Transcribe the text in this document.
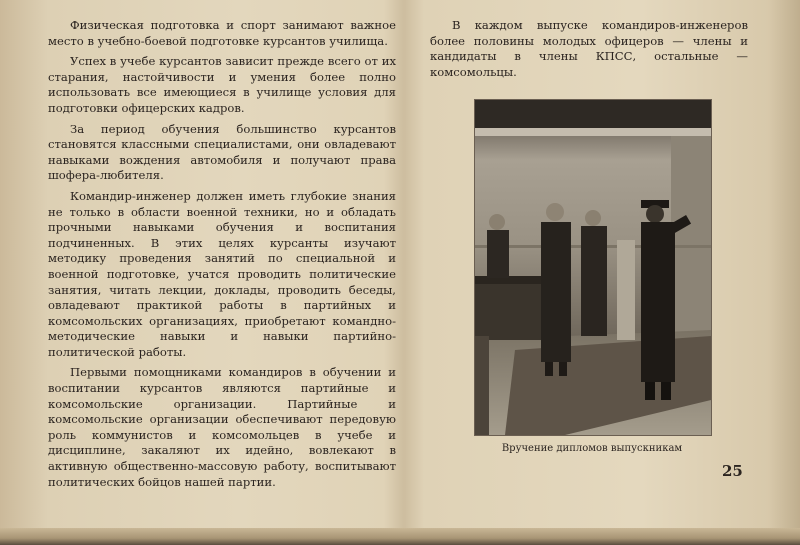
Физическая подготовка и спорт занимают важное место в учебно-боевой подготовке курсантов училища.

Успех в учебе курсантов зависит прежде всего от их старания, настойчивости и умения более полно использовать все имеющиеся в училище условия для подготовки офицерских кадров.

За период обучения большинство курсантов становятся классными специалистами, они овладевают навыками вождения автомобиля и получают права шофера-любителя.

Командир-инженер должен иметь глубокие знания не только в области военной техники, но и обладать прочными навыками обучения и воспитания подчиненных. В этих целях курсанты изучают методику проведения занятий по специальной и военной подготовке, учатся проводить политические занятия, читать лекции, доклады, проводить беседы, овладевают практикой работы в партийных и комсомольских организациях, приобретают командно-методические навыки и навыки партийно-политической работы.

Первыми помощниками командиров в обучении и воспитании курсантов являются партийные и комсомольские организации. Партийные и комсомольские организации обеспечивают передовую роль коммунистов и комсомольцев в учебе и дисциплине, закаляют их идейно, вовлекают в активную общественно-массовую работу, воспитывают политических бойцов нашей партии.

В каждом выпуске командиров-инженеров более половины молодых офицеров — члены и кандидаты в члены КПСС, остальные — комсомольцы.

Вручение дипломов выпускникам
25
